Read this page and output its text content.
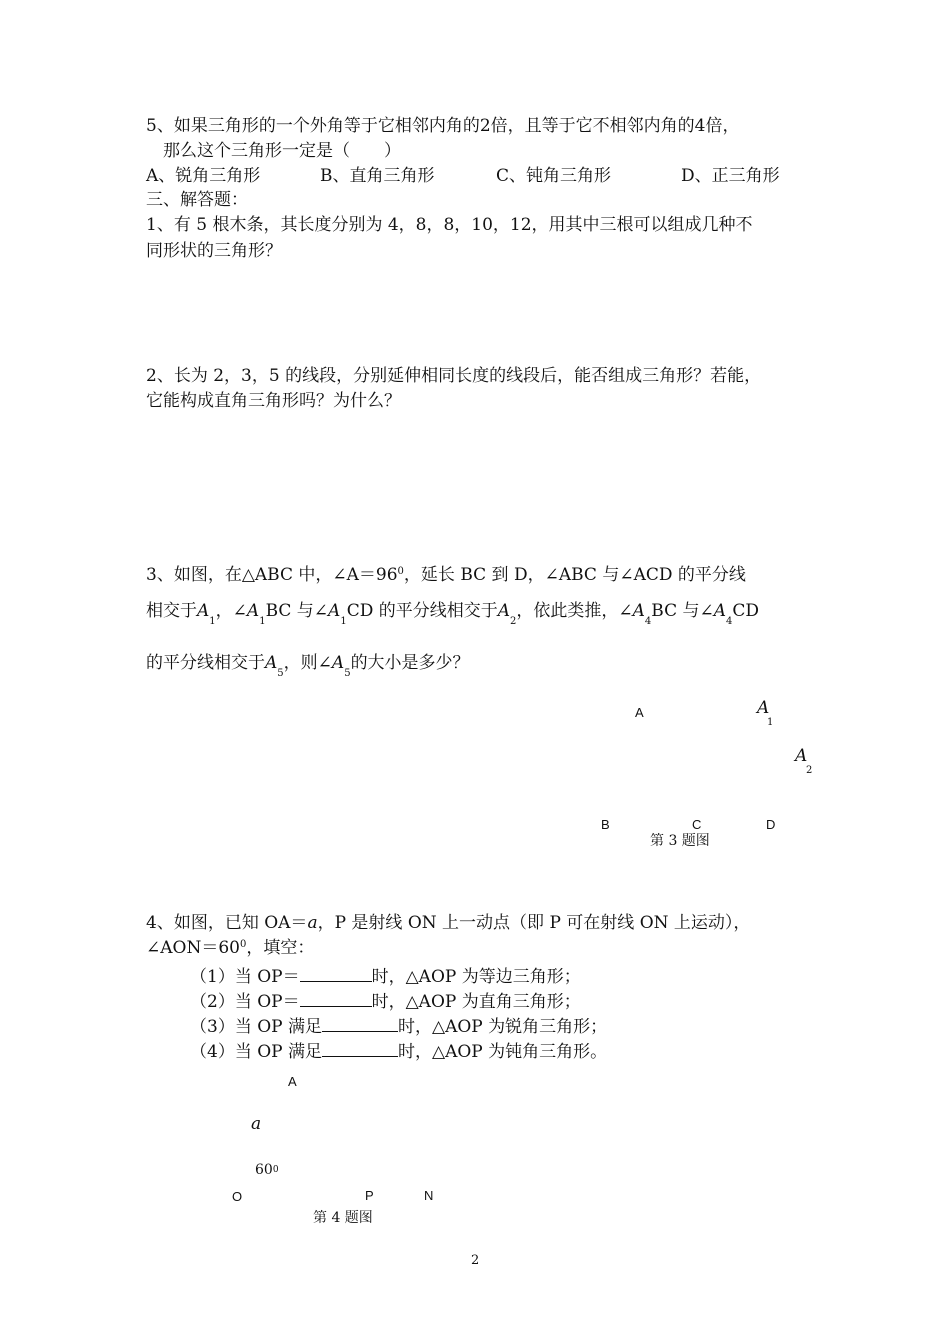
5、如果三角形的一个外角等于它相邻内角的2倍，且等于它不相邻内角的4倍，
那么这个三角形一定是（　　）
A、锐角三角形	B、直角三角形	C、钝角三角形	D、正三角形
三、解答题：
1、有 5 根木条，其长度分别为 4，8，8，10，12，用其中三根可以组成几种不
同形状的三角形？
2、长为 2，3，5 的线段，分别延伸相同长度的线段后，能否组成三角形？若能，
它能构成直角三角形吗？为什么？
3、如图，在△ABC 中，$\angle A=96^0$，延长 BC 到 D，∠ABC 与∠ACD 的平分线
相交于$A_1$，$\angle A_1BC$ 与$\angle A_1CD$ 的平分线相交于$A_2$，依此类推，$\angle A_4BC$ 与$\angle A_4CD$
的平分线相交于$A_5$，则$\angle A_5$的大小是多少？
A	A
1
A
2
B	C	D
第 3 题图
4、如图，已知 OA＝a，P 是射线 ON 上一动点（即 P 可在射线 ON 上运动），
$\angle AON=60^0$，填空：
（1）当 OP＝	时，△AOP 为等边三角形；
（2）当 OP＝	时，△AOP 为直角三角形；
（3）当 OP 满足	时，△AOP 为锐角三角形；
（4）当 OP 满足	时，△AOP 为钝角三角形。
A
a
600
O	P	N
第 4 题图
2
